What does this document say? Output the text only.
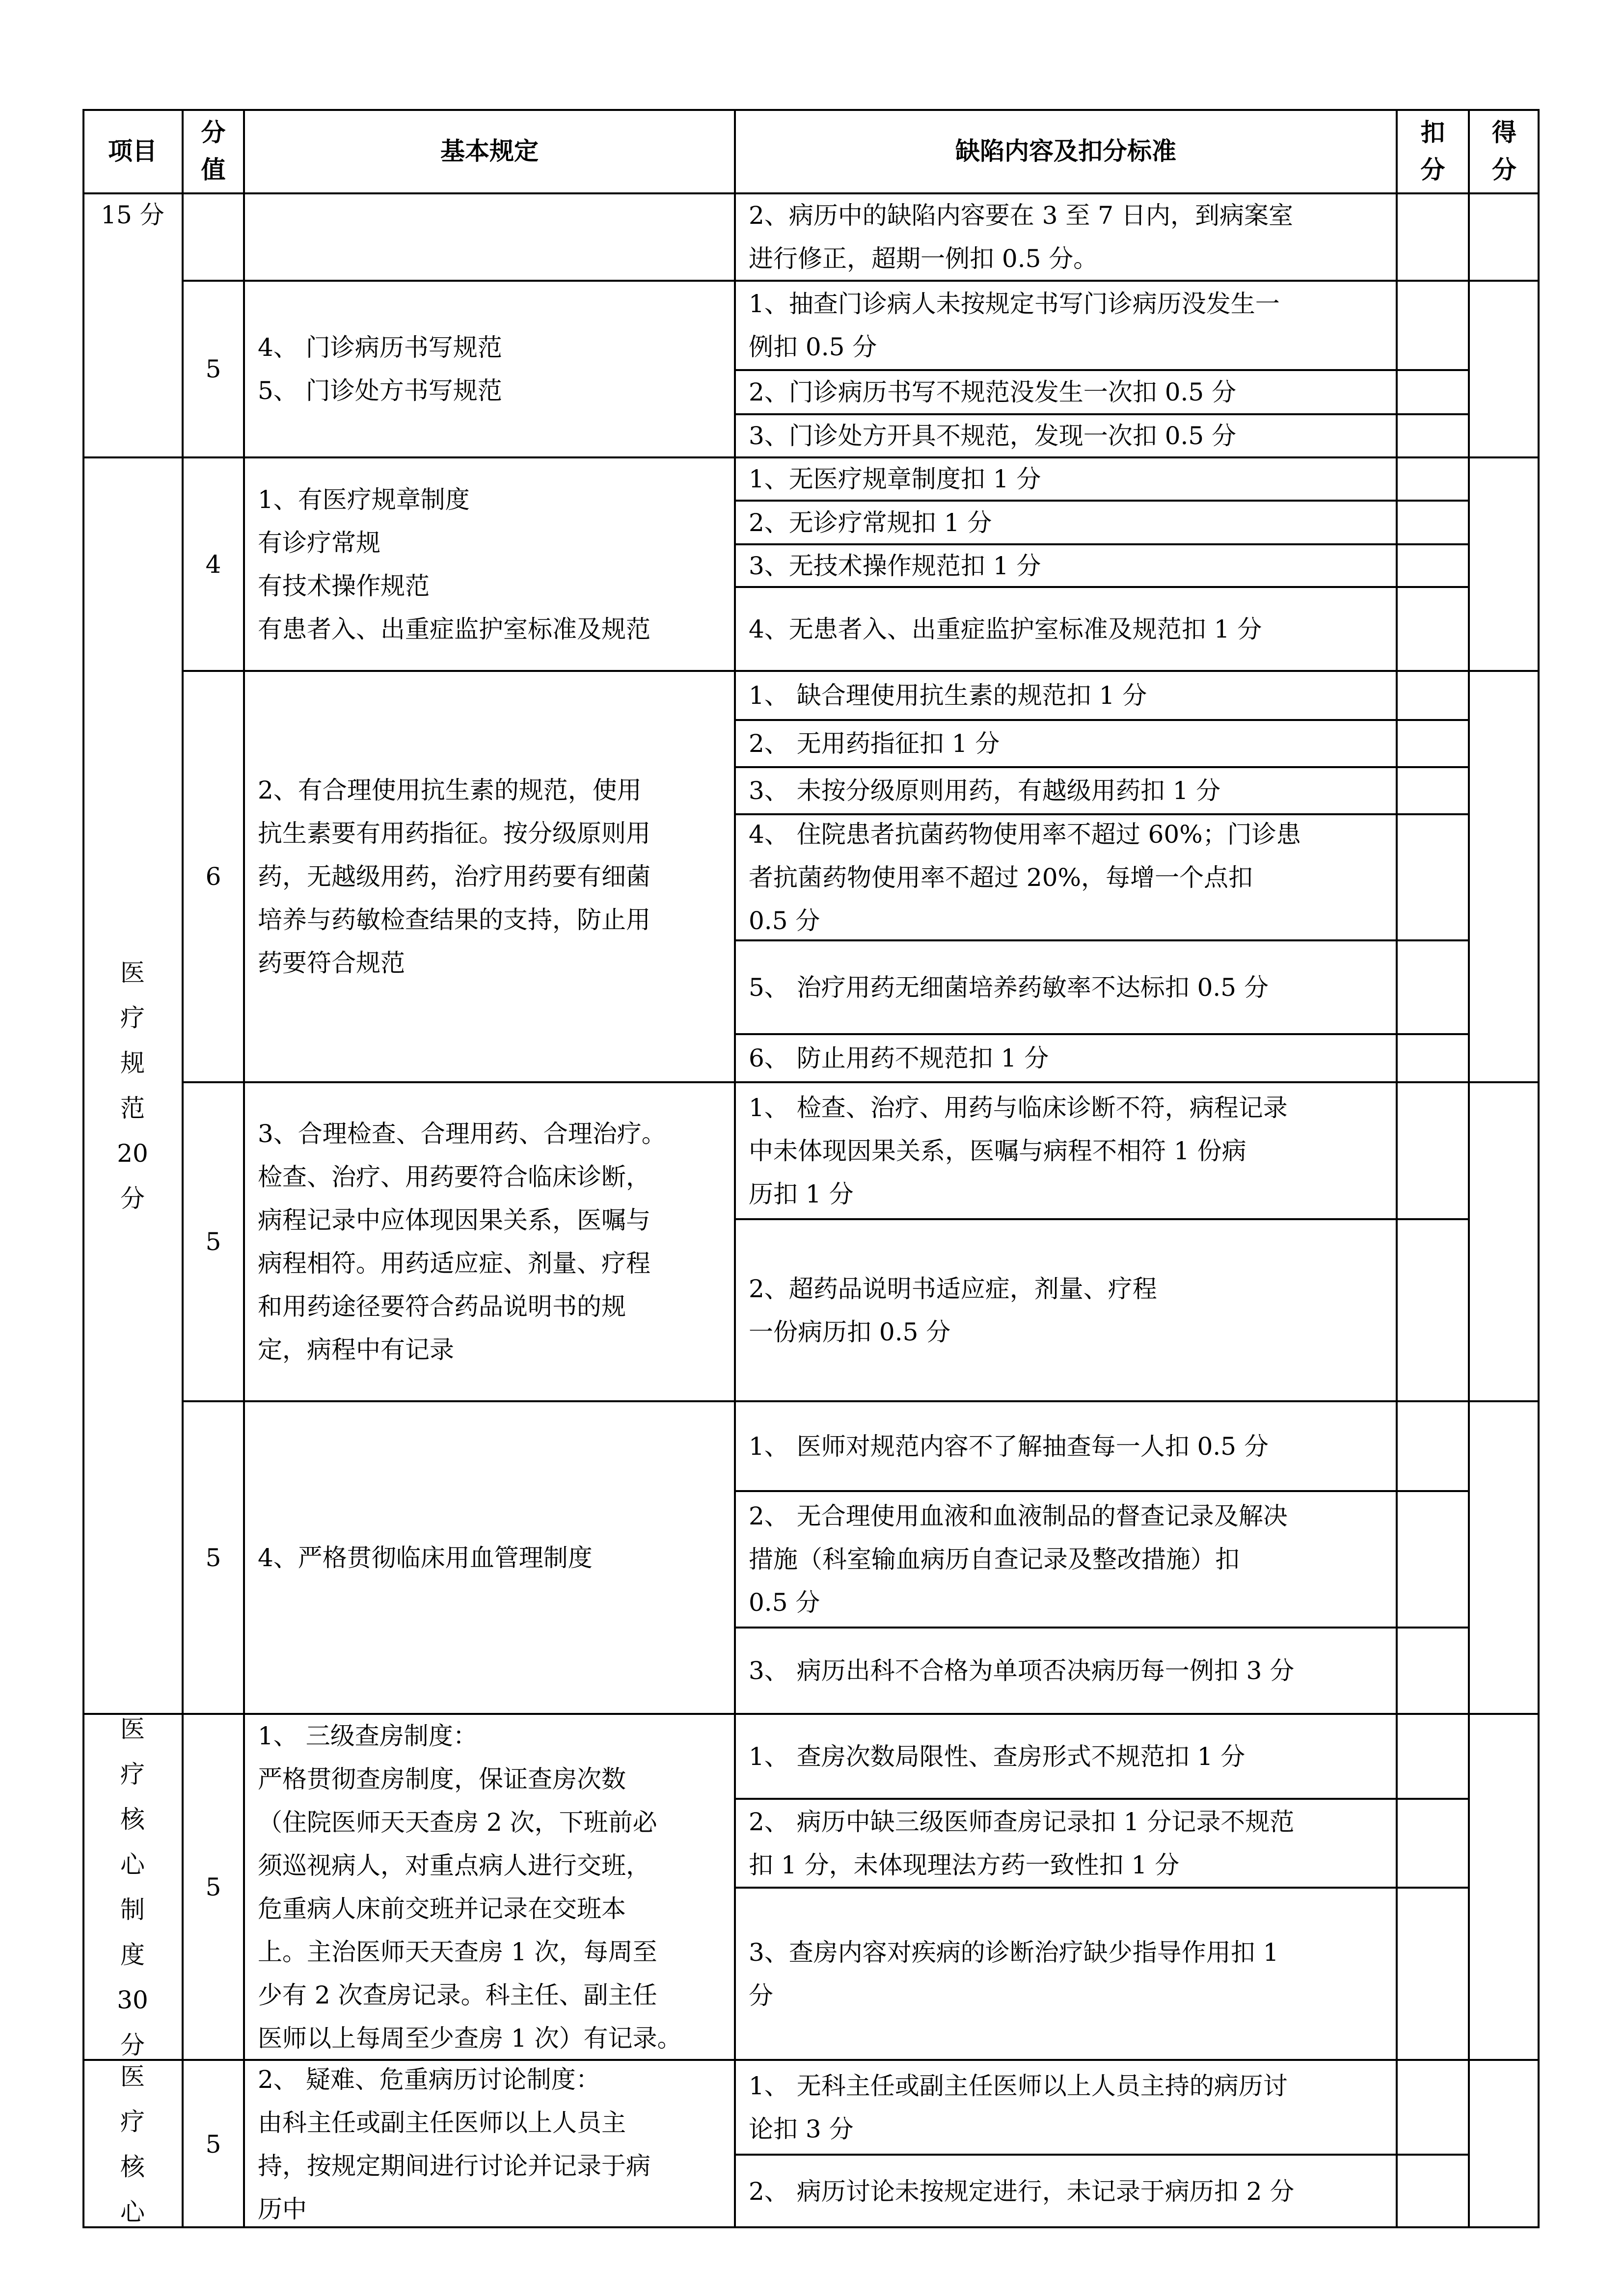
项目
分
值
基本规定	缺陷内容及扣分标准
扣
分
得
分
15 分
医
疗
规
范
20
分
医
疗
核
心
制
度
30
分
医
疗
核
心
5
4、 门诊病历书写规范
5、 门诊处方书写规范
4
1、有医疗规章制度
有诊疗常规
有技术操作规范
有患者入、出重症监护室标准及规范
6
2、有合理使用抗生素的规范，使用
抗生素要有用药指征。按分级原则用
药，无越级用药，治疗用药要有细菌
培养与药敏检查结果的支持，防止用
药要符合规范
5
3、合理检查、合理用药、合理治疗。
检查、治疗、用药要符合临床诊断，
病程记录中应体现因果关系，医嘱与
病程相符。用药适应症、剂量、疗程
和用药途径要符合药品说明书的规
定，病程中有记录
5	4、严格贯彻临床用血管理制度
5
1、 三级查房制度：
严格贯彻查房制度，保证查房次数
（住院医师天天查房 2 次，下班前必
须巡视病人，对重点病人进行交班，
危重病人床前交班并记录在交班本
上。主治医师天天查房 1 次，每周至
少有 2 次查房记录。科主任、副主任
医师以上每周至少查房 1 次）有记录。
5
2、 疑难、危重病历讨论制度：
由科主任或副主任医师以上人员主
持，按规定期间进行讨论并记录于病
历中
2、病历中的缺陷内容要在 3 至 7 日内，到病案室
进行修正，超期一例扣 0.5 分。
1、抽查门诊病人未按规定书写门诊病历没发生一
例扣 0.5 分
2、门诊病历书写不规范没发生一次扣 0.5 分
3、门诊处方开具不规范，发现一次扣 0.5 分
1、无医疗规章制度扣 1 分
2、无诊疗常规扣 1 分
3、无技术操作规范扣 1 分
4、无患者入、出重症监护室标准及规范扣 1 分
1、 缺合理使用抗生素的规范扣 1 分
2、 无用药指征扣 1 分
3、 未按分级原则用药，有越级用药扣 1 分
4、 住院患者抗菌药物使用率不超过 60%；门诊患
者抗菌药物使用率不超过 20%，每增一个点扣
0.5 分
5、 治疗用药无细菌培养药敏率不达标扣 0.5 分
6、 防止用药不规范扣 1 分
1、 检查、治疗、用药与临床诊断不符，病程记录
中未体现因果关系，医嘱与病程不相符 1 份病
历扣 1 分
2、超药品说明书适应症，剂量、疗程
一份病历扣 0.5 分
1、 医师对规范内容不了解抽查每一人扣 0.5 分
2、 无合理使用血液和血液制品的督查记录及解决
措施（科室输血病历自查记录及整改措施）扣
0.5 分
3、 病历出科不合格为单项否决病历每一例扣 3 分
1、 查房次数局限性、查房形式不规范扣 1 分
2、 病历中缺三级医师查房记录扣 1 分记录不规范
扣 1 分，未体现理法方药一致性扣 1 分
3、查房内容对疾病的诊断治疗缺少指导作用扣 1
分
1、 无科主任或副主任医师以上人员主持的病历讨
论扣 3 分
2、 病历讨论未按规定进行，未记录于病历扣 2 分
